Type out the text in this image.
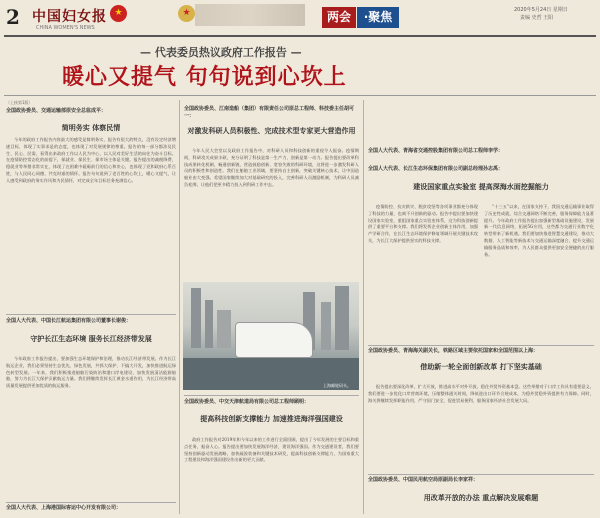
2 中国妇女报
CHINA WOMEN'S NEWS
★	★	两会	·聚焦	2020年5月24日 星期日
责编 史哲 王阳
— 代表委员热议政府工作报告 —
暖心又提气 句句说到心坎上
（上接第1版）
全国政协委员、交通运输部原安全总监成平：
简明务实 体察民情
今年的政府工作报告内容最大的感受是简明务实，报告有很大的特点，没有设定经济增速目标，体现了实事求是的态度，也体现了对发展规律的尊重。报告的每一部分都涉及民生、民心、民需，看得出来政府工作以人民为中心，以人民对美好生活的向往为奋斗目标。在疫情防控常态化的前提下，保就业、保民生、保市场主体是关键。报告提出的减税降费、稳就业等举措非常实在，体现了在困难中砥砺前行的信心和决心，也体现了党和政府心系百姓，与人民同心同德、共克时艰的情怀。报告句句说到了老百姓的心坎上，暖心又提气，让人感受到政府的务实作风和为民情怀，对完成全年目标任务充满信心。
全国人大代表、中国长江航运集团有限公司董事长谢俊：
守护长江生态环境 服务长江经济带发展
今年政府工作报告提出，要加强生态环境保护和治理，推动长江经济带发展。作为长江航运企业，我们必须坚持生态优先、绿色发展，共抓大保护、不搞大开发，加快推进航运绿色转型发展。一年来，我们积极推进船舶污染防治和港口岸电建设，加快发展清洁能源船舶，努力为长江大保护贡献航运力量。我们将继续发挥长江黄金水道作用，为长江经济带高质量发展提供更加优质的航运服务。
全国人大代表、上海港国际客运中心开发有限公司：
全国政协委员、江南造船（集团）有限责任公司原总工程师、科技委主任胡可一：
对激发科研人员积极性、完成技术型专家更大营造作用
今年人民大会堂以及政府工作报告中，对科研人员和科技创新的重视令人振奋。疫情期间，科研攻关成果丰硕，充分证明了科技是第一生产力、创新是第一动力。报告提出要改革科技成果转化机制，畅通创新链，营造鼓励创新、宽容失败的科研环境，这将进一步激发科研人员的积极性和创造性。我们在船舶工业领域，要坚持自主创新，突破关键核心技术，让中国造船业由大变强。希望国家继续加大对基础研究的投入，完善科研人员激励机制，为科研人员减负松绑，让他们把更多精力投入到科研工作中去。
上海邮轮码头。
全国政协委员、中交天津航道局有限公司总工程师顾明：
提高科技创新支撑能力 加速推进海洋强国建设
政府工作报告对2019年和今年以来的工作进行全面回顾，提出了今年发展的主要目标和重点任务，振奋人心。报告提出要加快发展海洋经济，建设海洋强国。作为交通建设者，我们要坚持创新驱动发展战略，加快疏浚装备和关键技术研发，提高科技创新支撑能力，为国家重大工程建设和海洋强国建设作出新的更大贡献。
全国人大代表、长江生态环保集团有限公司副总经理孙志禹：
建设国家重点实验室 提高深海水面挖掘能力
疫情防控、抗灾救灾、脱贫攻坚等各项事业都充分体现了科技的力量，也离不开创新的驱动。报告中提出要加快建设国家实验室，重组国家重点实验室体系，这为科技创新提供了重要平台和支撑。我们将发挥企业创新主体作用，加强产学研合作，在长江生态环境保护修复领域开展关键技术攻关，为长江大保护提供坚实的科技支撑。
“十三五”以来，在国家支持下，我国交通运输事业取得了历史性成就，综合交通网络不断完善，服务保障能力显著提升。今年政府工作报告提出加强新型基础设施建设，发展新一代信息网络，拓展5G应用，这些都为交通行业数字化转型带来了新机遇。我们要加快推进智慧交通建设，推动大数据、人工智能等新技术与交通运输深度融合，提升交通运输服务品质和效率，为人民群众提供更加安全便捷的出行服务。
全国政协委员、青海海关副关长，铁路区域主要依托国家和全国范围以上海：
借助新一轮全面创新改革 打下坚实基础
报告提出要深化改革，扩大开放，推进高水平对外开放，稳住外贸外资基本盘。这些举措对于口岸工作具有重要意义。我们要进一步优化口岸营商环境，压缩整体通关时间，降低进出口环节合规成本，为稳外贸稳外资提供有力保障。同时，海关将继续发挥职能作用，严守国门安全，促进贸易便利，服务国家经济社会发展大局。
全国政协委员、中国民用航空局原副局长李家祥：
用改革开放的办法 重点解决发展难题
全国人大代表、青海省交通控股集团有限公司总工程师李学：
